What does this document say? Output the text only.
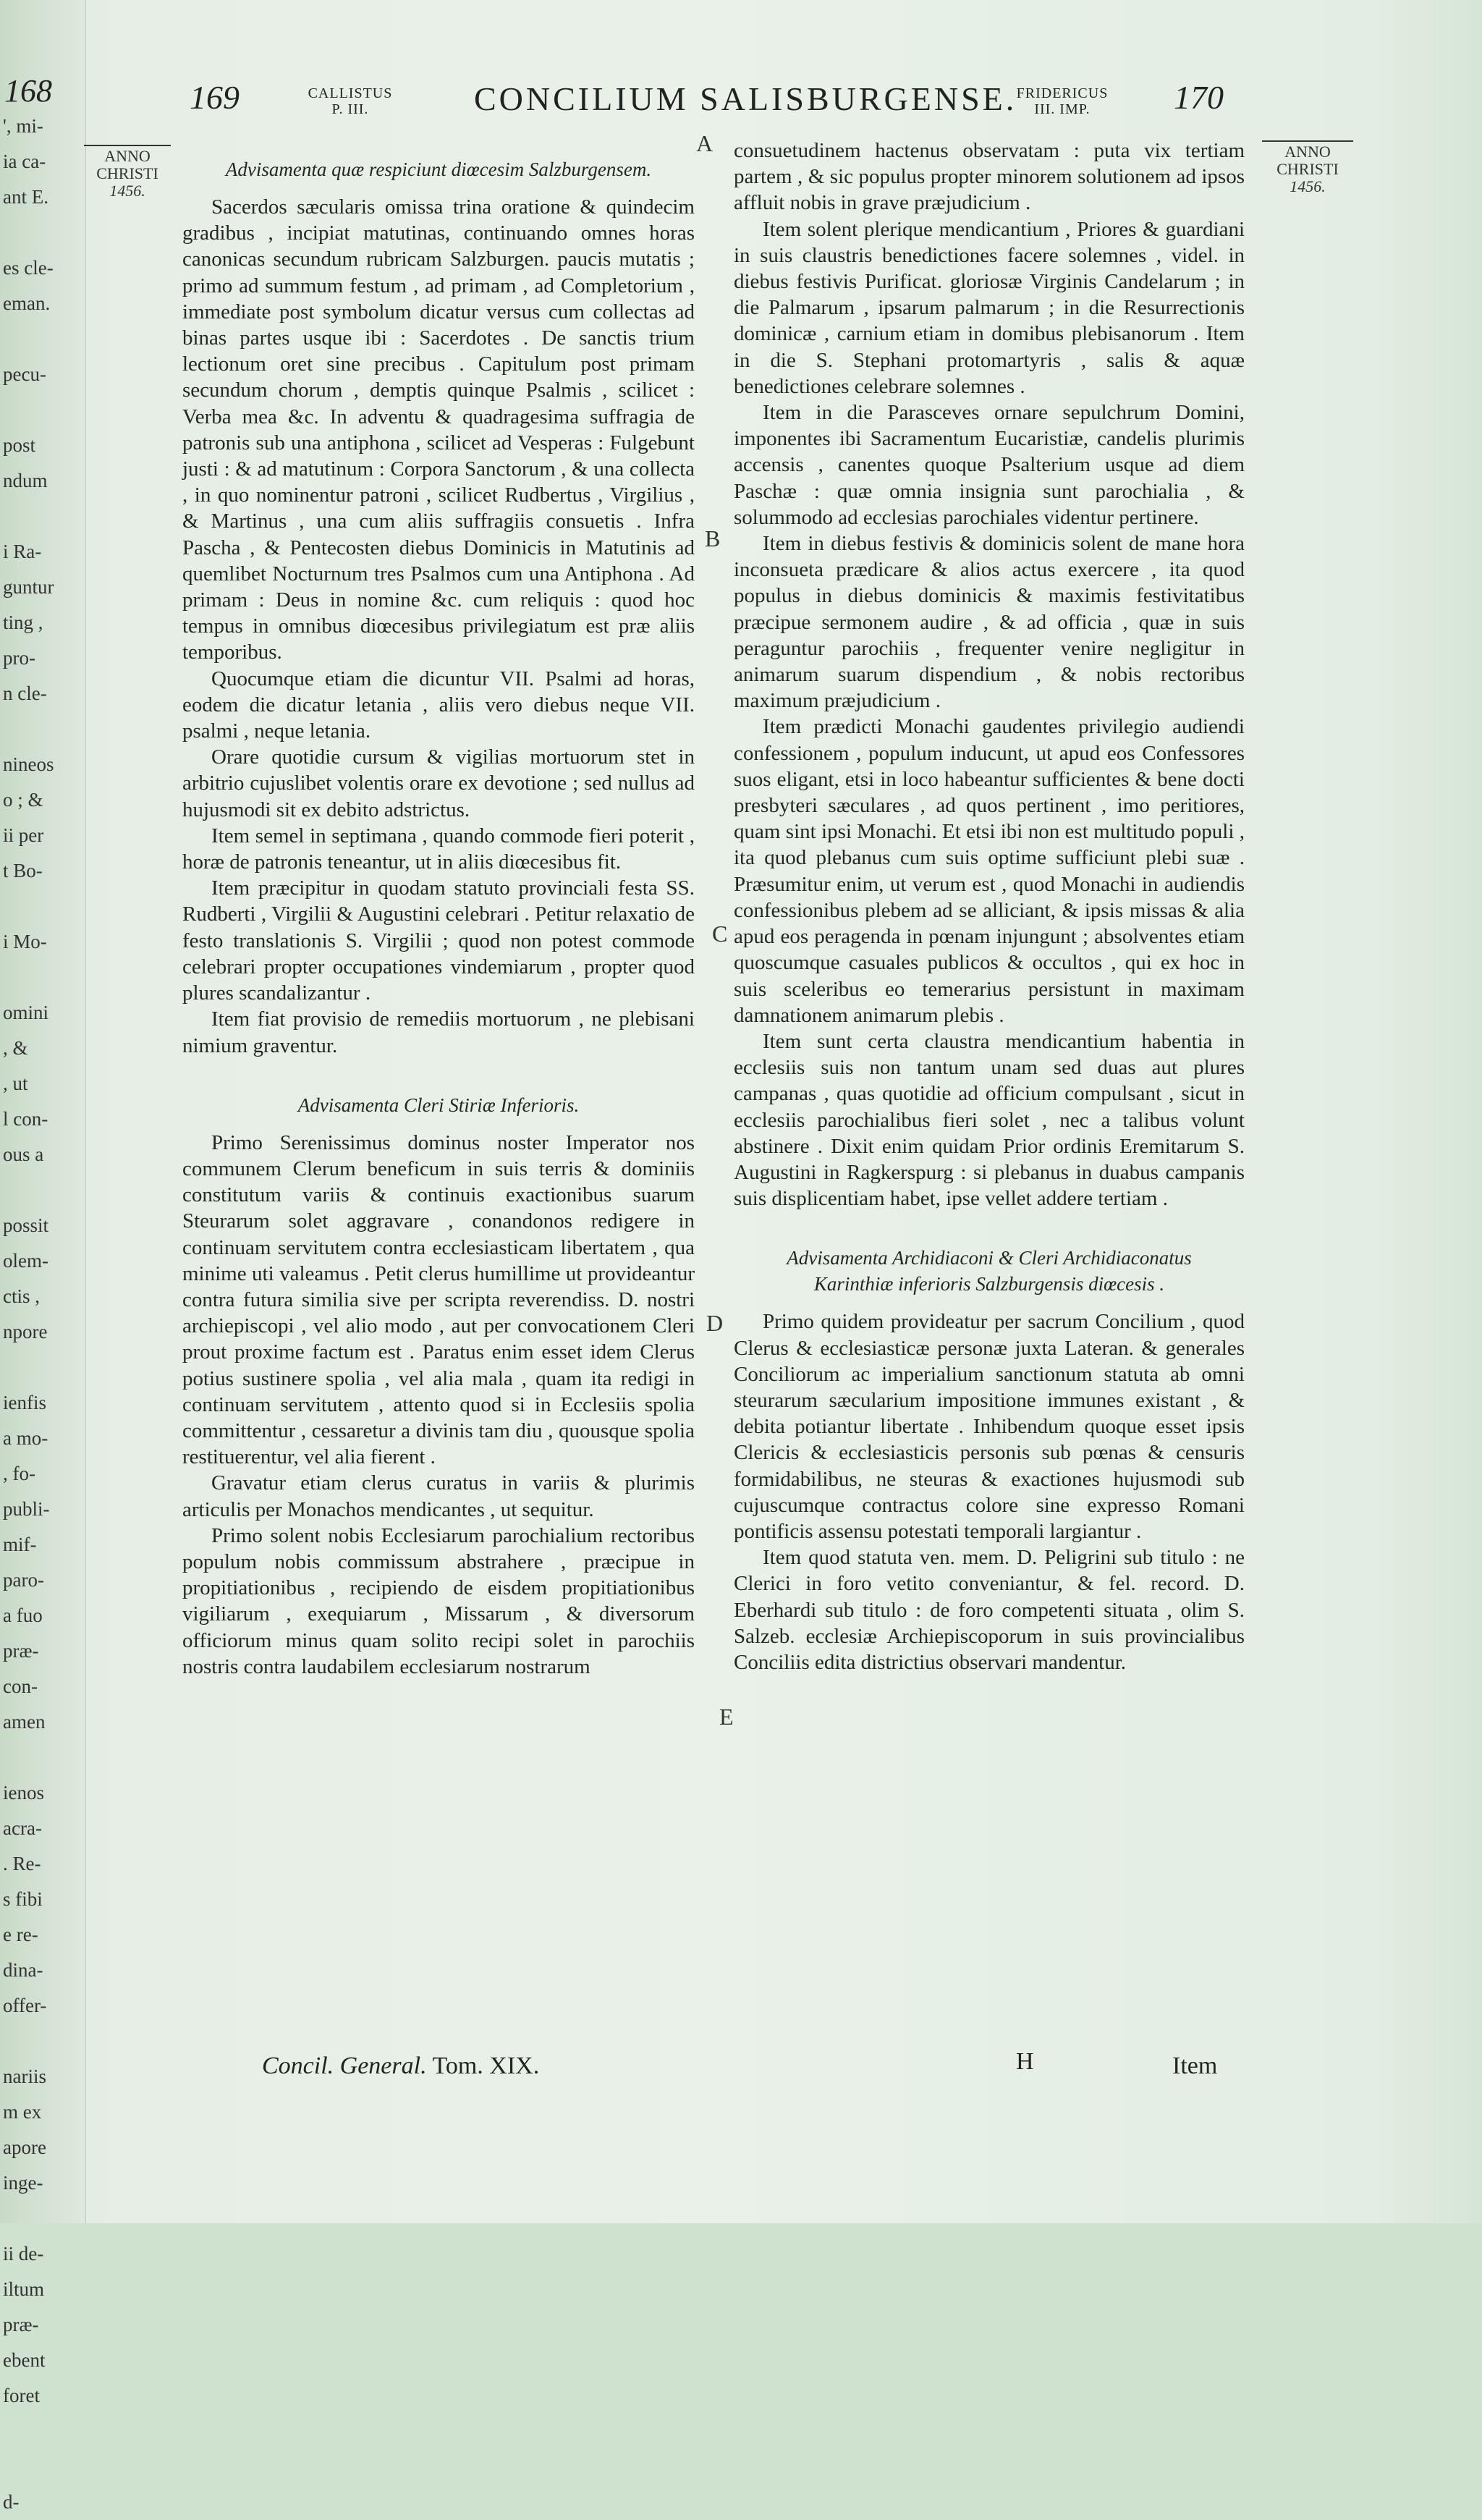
168
', mi-
ia ca-
ant E.
es cle-
eman.
pecu-
post
ndum
i Ra-
guntur
ting ,
pro-
n cle-
nineos
o ; &
ii per
t Bo-
i Mo-
omini
, &
, ut
l con-
ous a
possit
olem-
ctis ,
npore
ienfis
a mo-
, fo-
publi-
mif-
paro-
a fuo
præ-
con-
amen
ienos
acra-
. Re-
s fibi
e re-
dina-
offer-
nariis
m ex
apore
inge-
ii de-
iltum
præ-
ebent
foret
d-
169	CALLISTUS
P. III.	CONCILIUM SALISBURGENSE. FRIDERICUS
III. IMP.	170
ANNO
CHRISTI
1456.
ANNO
CHRISTI
1456.
A
B
C
D
E
Advisamenta quæ respiciunt diœcesim Salzburgensem.

Sacerdos sæcularis omissa trina oratione & quindecim gradibus , incipiat matutinas, continuando omnes horas canonicas secundum rubricam Salzburgen. paucis mutatis ; primo ad summum festum , ad primam , ad Completorium , immediate post symbolum dicatur versus cum collectas ad binas partes usque ibi : Sacerdotes . De sanctis trium lectionum oret sine precibus . Capitulum post primam secundum chorum , demptis quinque Psalmis , scilicet : Verba mea &c. In adventu & quadragesima suffragia de patronis sub una antiphona , scilicet ad Vesperas : Fulgebunt justi : & ad matutinum : Corpora Sanctorum , & una collecta , in quo nominentur patroni , scilicet Rudbertus , Virgilius , & Martinus , una cum aliis suffragiis consuetis . Infra Pascha , & Pentecosten diebus Dominicis in Matutinis ad quemlibet Nocturnum tres Psalmos cum una Antiphona . Ad primam : Deus in nomine &c. cum reliquis : quod hoc tempus in omnibus diœcesibus privilegiatum est præ aliis temporibus.

Quocumque etiam die dicuntur VII. Psalmi ad horas, eodem die dicatur letania , aliis vero diebus neque VII. psalmi , neque letania.

Orare quotidie cursum & vigilias mortuorum stet in arbitrio cujuslibet volentis orare ex devotione ; sed nullus ad hujusmodi sit ex debito adstrictus.

Item semel in septimana , quando commode fieri poterit , horæ de patronis teneantur, ut in aliis diœcesibus fit.

Item præcipitur in quodam statuto provinciali festa SS. Rudberti , Virgilii & Augustini celebrari . Petitur relaxatio de festo translationis S. Virgilii ; quod non potest commode celebrari propter occupationes vindemiarum , propter quod plures scandalizantur .

Item fiat provisio de remediis mortuorum , ne plebisani nimium graventur.

Advisamenta Cleri Stiriæ Inferioris.

Primo Serenissimus dominus noster Imperator nos communem Clerum beneficum in suis terris & dominiis constitutum variis & continuis exactionibus suarum Steurarum solet aggravare , conandonos redigere in continuam servitutem contra ecclesiasticam libertatem , qua minime uti valeamus . Petit clerus humillime ut provideantur contra futura similia sive per scripta reverendiss. D. nostri archiepiscopi , vel alio modo , aut per convocationem Cleri prout proxime factum est . Paratus enim esset idem Clerus potius sustinere spolia , vel alia mala , quam ita redigi in continuam servitutem , attento quod si in Ecclesiis spolia committentur , cessaretur a divinis tam diu , quousque spolia restituerentur, vel alia fierent .

Gravatur etiam clerus curatus in variis & plurimis articulis per Monachos mendicantes , ut sequitur.

Primo solent nobis Ecclesiarum parochialium rectoribus populum nobis commissum abstrahere , præcipue in propitiationibus , recipiendo de eisdem propitiationibus vigiliarum , exequiarum , Missarum , & diversorum officiorum minus quam solito recipi solet in parochiis nostris contra laudabilem ecclesiarum nostrarum

consuetudinem hactenus observatam : puta vix tertiam partem , & sic populus propter minorem solutionem ad ipsos affluit nobis in grave præjudicium .

Item solent plerique mendicantium , Priores & guardiani in suis claustris benedictiones facere solemnes , videl. in diebus festivis Purificat. gloriosæ Virginis Candelarum ; in die Palmarum , ipsarum palmarum ; in die Resurrectionis dominicæ , carnium etiam in domibus plebisanorum . Item in die S. Stephani protomartyris , salis & aquæ benedictiones celebrare solemnes .

Item in die Parasceves ornare sepulchrum Domini, imponentes ibi Sacramentum Eucaristiæ, candelis plurimis accensis , canentes quoque Psalterium usque ad diem Paschæ : quæ omnia insignia sunt parochialia , & solummodo ad ecclesias parochiales videntur pertinere.

Item in diebus festivis & dominicis solent de mane hora inconsueta prædicare & alios actus exercere , ita quod populus in diebus dominicis & maximis festivitatibus præcipue sermonem audire , & ad officia , quæ in suis peraguntur parochiis , frequenter venire negligitur in animarum suarum dispendium , & nobis rectoribus maximum præjudicium .

Item prædicti Monachi gaudentes privilegio audiendi confessionem , populum inducunt, ut apud eos Confessores suos eligant, etsi in loco habeantur sufficientes & bene docti presbyteri sæculares , ad quos pertinent , imo peritiores, quam sint ipsi Monachi. Et etsi ibi non est multitudo populi , ita quod plebanus cum suis optime sufficiunt plebi suæ . Præsumitur enim, ut verum est , quod Monachi in audiendis confessionibus plebem ad se alliciant, & ipsis missas & alia apud eos peragenda in pœnam injungunt ; absolventes etiam quoscumque casuales publicos & occultos , qui ex hoc in suis sceleribus eo temerarius persistunt in maximam damnationem animarum plebis .

Item sunt certa claustra mendicantium habentia in ecclesiis suis non tantum unam sed duas aut plures campanas , quas quotidie ad officium compulsant , sicut in ecclesiis parochialibus fieri solet , nec a talibus volunt abstinere . Dixit enim quidam Prior ordinis Eremitarum S. Augustini in Ragkerspurg : si plebanus in duabus campanis suis displicentiam habet, ipse vellet addere tertiam .

Advisamenta Archidiaconi & Cleri Archidiaconatus Karinthiæ inferioris Salzburgensis diœcesis .

Primo quidem provideatur per sacrum Concilium , quod Clerus & ecclesiasticæ personæ juxta Lateran. & generales Conciliorum ac imperialium sanctionum statuta ab omni steurarum sæcularium impositione immunes existant , & debita potiantur libertate . Inhibendum quoque esset ipsis Clericis & ecclesiasticis personis sub pœnas & censuris formidabilibus, ne steuras & exactiones hujusmodi sub cujuscumque contractus colore sine expresso Romani pontificis assensu potestati temporali largiantur .

Item quod statuta ven. mem. D. Peligrini sub titulo : ne Clerici in foro vetito conveniantur, & fel. record. D. Eberhardi sub titulo : de foro competenti situata , olim S. Salzeb. ecclesiæ Archiepiscoporum in suis provincialibus Conciliis edita districtius observari mandentur.

Concil. General. Tom. XIX.	H	Item
